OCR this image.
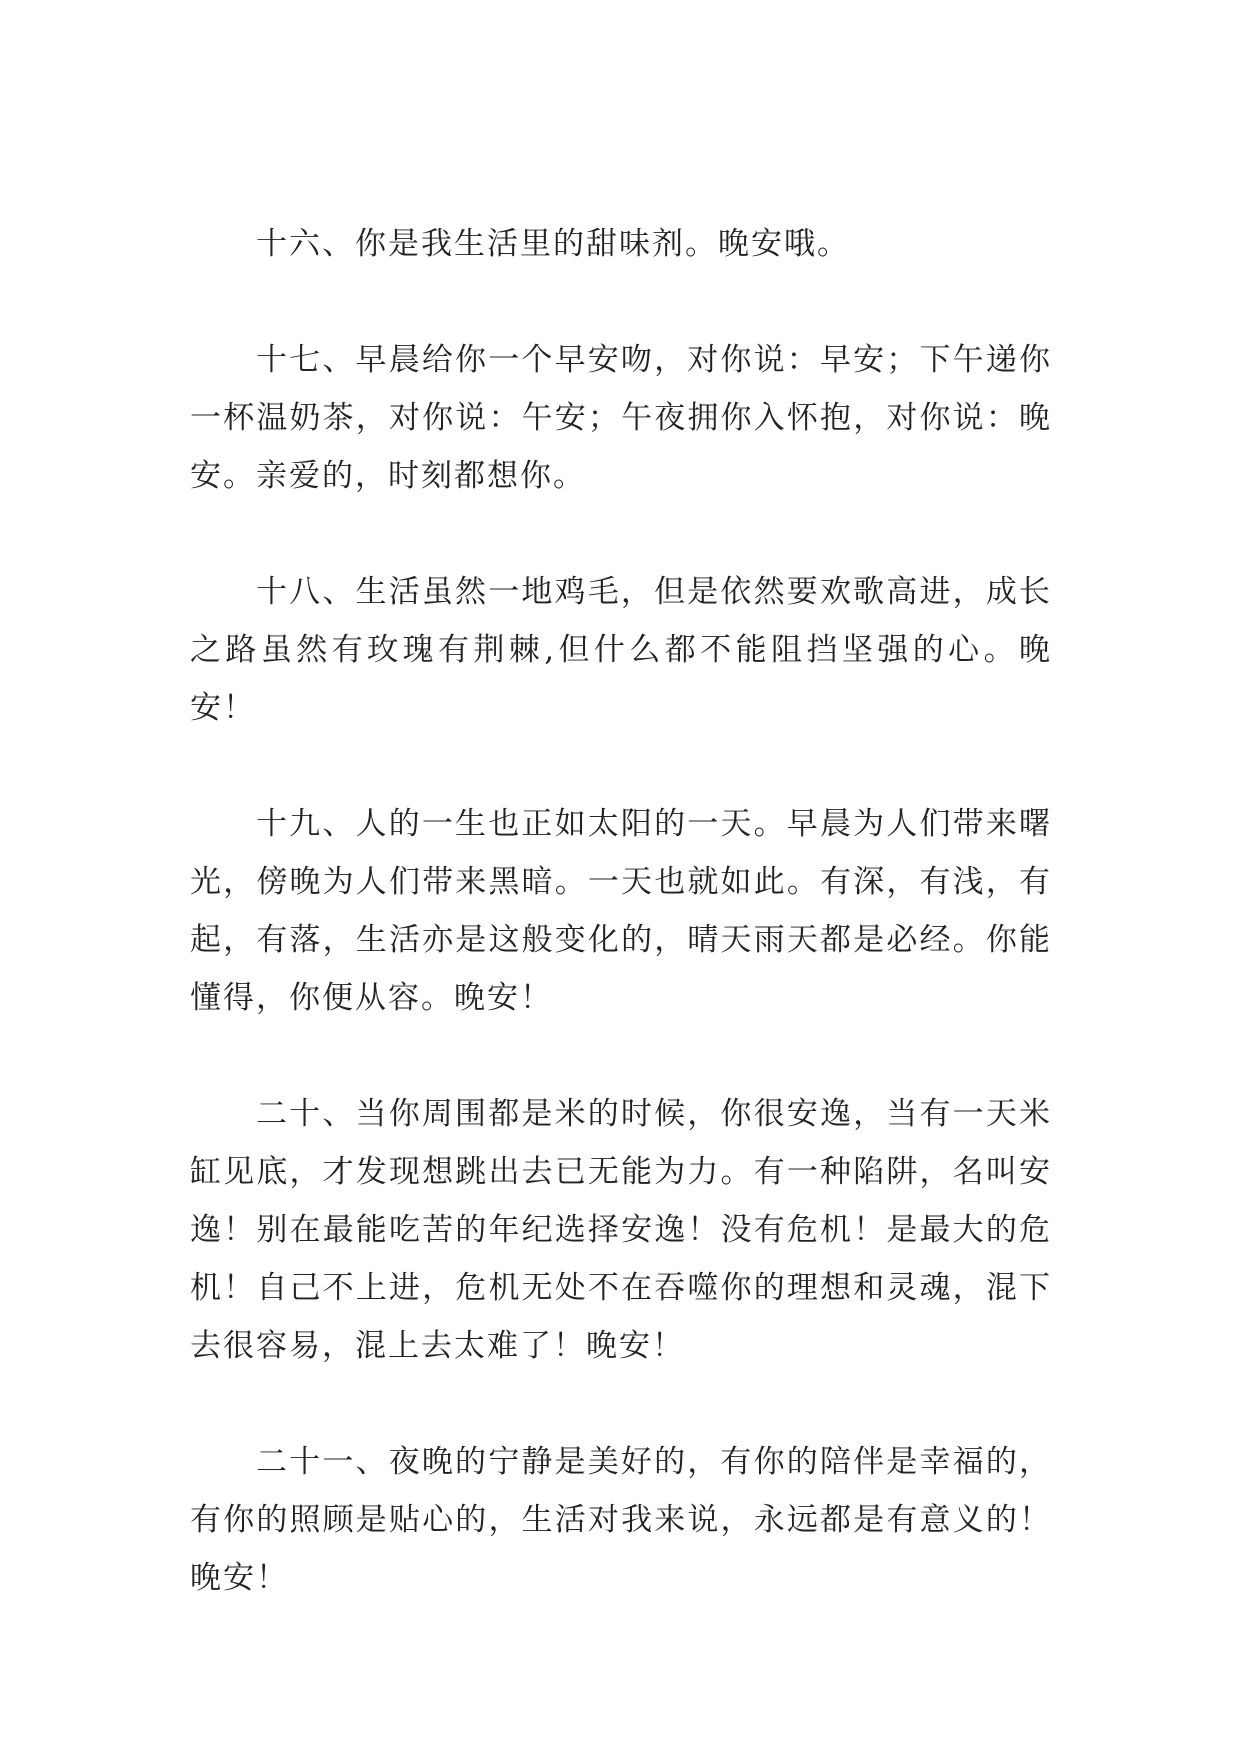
十六、你是我生活里的甜味剂。晚安哦。

十七、早晨给你一个早安吻，对你说：早安；下午递你一杯温奶茶，对你说：午安；午夜拥你入怀抱，对你说：晚安。亲爱的，时刻都想你。

十八、生活虽然一地鸡毛，但是依然要欢歌高进，成长之路虽然有玫瑰有荆棘,但什么都不能阻挡坚强的心。晚安！

十九、人的一生也正如太阳的一天。早晨为人们带来曙光，傍晚为人们带来黑暗。一天也就如此。有深，有浅，有起，有落，生活亦是这般变化的，晴天雨天都是必经。你能懂得，你便从容。晚安！

二十、当你周围都是米的时候，你很安逸，当有一天米缸见底，才发现想跳出去已无能为力。有一种陷阱，名叫安逸！别在最能吃苦的年纪选择安逸！没有危机！是最大的危机！自己不上进，危机无处不在吞噬你的理想和灵魂，混下去很容易，混上去太难了！晚安！

二十一、夜晚的宁静是美好的，有你的陪伴是幸福的，有你的照顾是贴心的，生活对我来说，永远都是有意义的！晚安！
